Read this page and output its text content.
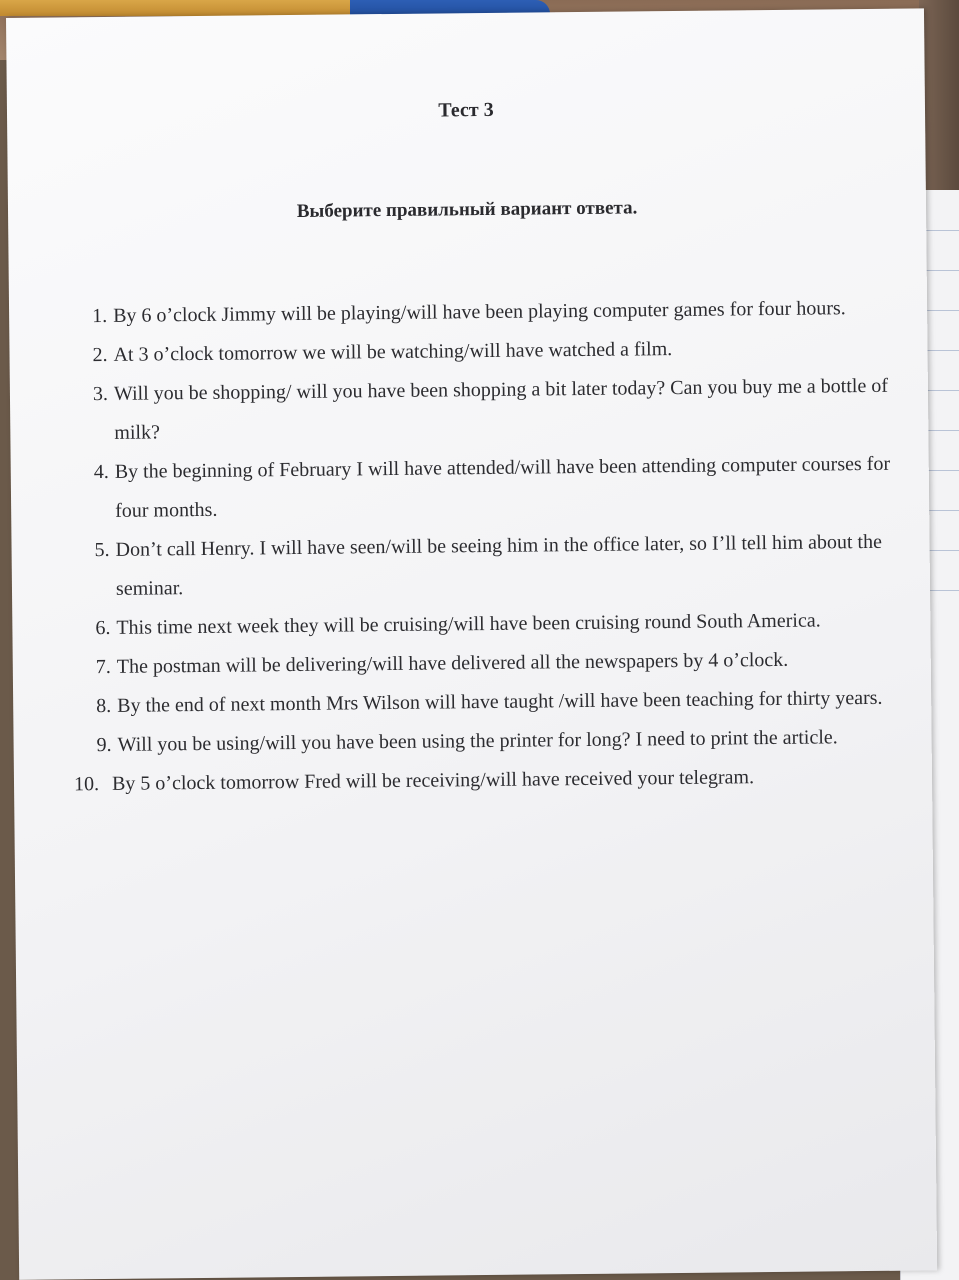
Тест 3
Выберите правильный вариант ответа.
1. By 6 o’clock Jimmy will be playing/will have been playing computer games for four hours.
2. At 3 o’clock tomorrow we will be watching/will have watched a film.
3. Will you be shopping/ will you have been shopping a bit later today? Can you buy me a bottle of milk?
4. By the beginning of February I will have attended/will have been attending computer courses for four months.
5. Don’t call Henry. I will have seen/will be seeing him in the office later, so I’ll tell him about the seminar.
6. This time next week they will be cruising/will have been cruising round South America.
7. The postman will be delivering/will have delivered all the newspapers by 4 o’clock.
8. By the end of next month Mrs Wilson will have taught /will have been teaching for thirty years.
9. Will you be using/will you have been using the printer for long? I need to print the article.
10. By 5 o’clock tomorrow Fred will be receiving/will have received your telegram.
